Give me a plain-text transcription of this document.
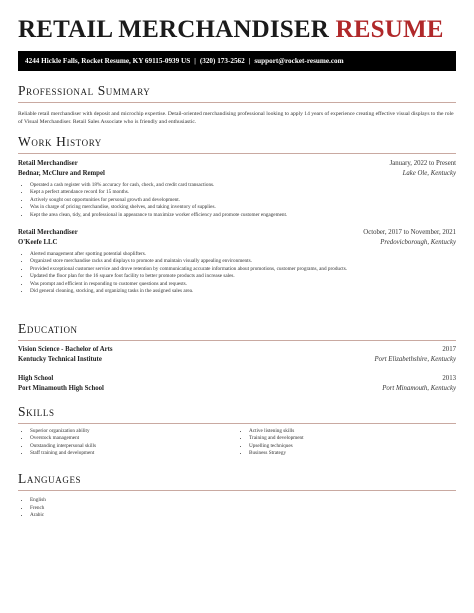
RETAIL MERCHANDISER RESUME
4244 Hickle Falls, Rocket Resume, KY 69115-0939 US | (320) 173-2562 | support@rocket-resume.com
Professional Summary

Reliable retail merchandiser with deposit and microchip expertise. Detail-oriented merchandising professional looking to apply 14 years of experience creating effective visual displays to the role of Visual Merchandiser. Retail Sales Associate who is friendly and enthusiastic.

Work History
Retail Merchandiser	January, 2022 to Present
Bednar, McClure and Rempel	Lake Ole, Kentucky
• Operated a cash register with 18% accuracy for cash, check, and credit card transactions.
• Kept a perfect attendance record for 15 months.
• Actively sought out opportunities for personal growth and development.
• Was in charge of pricing merchandise, stocking shelves, and taking inventory of supplies.
• Kept the area clean, tidy, and professional in appearance to maximize worker efficiency and promote customer engagement.
Retail Merchandiser	October, 2017 to November, 2021
O'Keefe LLC	Predovicborough, Kentucky
• Alerted management after spotting potential shoplifters.
• Organized store merchandise racks and displays to promote and maintain visually appealing environments.
• Provided exceptional customer service and drove retention by communicating accurate information about promotions, customer programs, and products.
• Updated the floor plan for the 16 square foot facility to better promote products and increase sales.
• Was prompt and efficient in responding to customer questions and requests.
• Did general cleaning, stocking, and organizing tasks in the assigned sales area.
Education
Vision Science - Bachelor of Arts	2017
Kentucky Technical Institute	Port Elizabethshire, Kentucky
High School	2013
Port Minamouth High School	Port Minamouth, Kentucky
Skills
• Superior organization ability
• Overstock management
• Outstanding interpersonal skills
• Staff training and development
• Active listening skills
• Training and development
• Upselling techniques
• Business Strategy
Languages
• English
• French
• Arabic
